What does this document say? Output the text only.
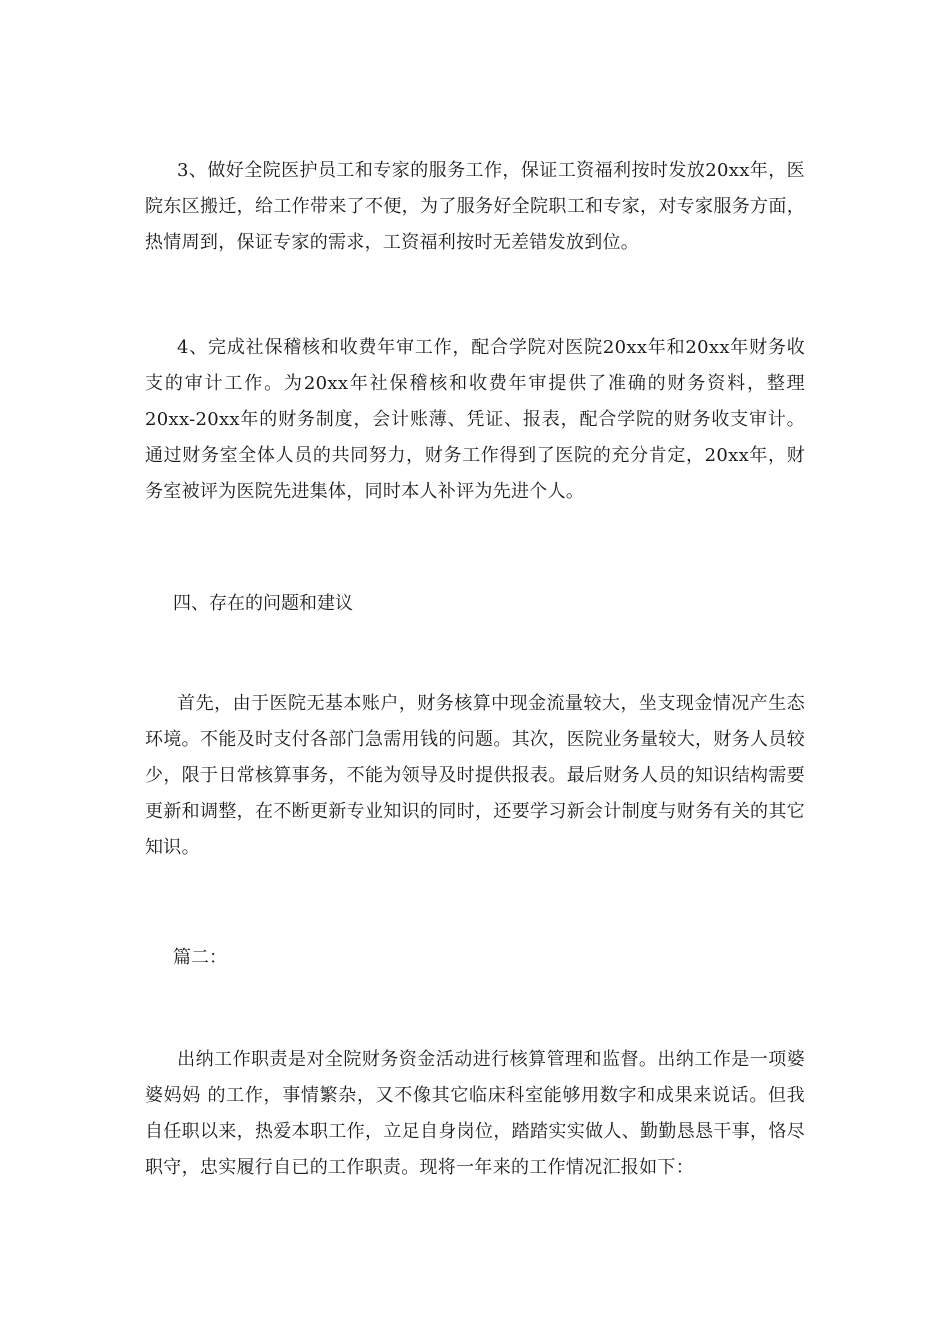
3、做好全院医护员工和专家的服务工作，保证工资福利按时发放20xx年，医院东区搬迁，给工作带来了不便，为了服务好全院职工和专家，对专家服务方面，热情周到，保证专家的需求，工资福利按时无差错发放到位。

4、完成社保稽核和收费年审工作，配合学院对医院20xx年和20xx年财务收支的审计工作。为20xx年社保稽核和收费年审提供了准确的财务资料，整理20xx-20xx年的财务制度，会计账薄、凭证、报表，配合学院的财务收支审计。通过财务室全体人员的共同努力，财务工作得到了医院的充分肯定，20xx年，财务室被评为医院先进集体，同时本人补评为先进个人。

四、存在的问题和建议

首先，由于医院无基本账户，财务核算中现金流量较大，坐支现金情况产生态环境。不能及时支付各部门急需用钱的问题。其次，医院业务量较大，财务人员较少，限于日常核算事务，不能为领导及时提供报表。最后财务人员的知识结构需要更新和调整，在不断更新专业知识的同时，还要学习新会计制度与财务有关的其它知识。

篇二：

出纳工作职责是对全院财务资金活动进行核算管理和监督。出纳工作是一项婆婆妈妈 的工作，事情繁杂，又不像其它临床科室能够用数字和成果来说话。但我自任职以来，热爱本职工作，立足自身岗位，踏踏实实做人、勤勤恳恳干事，恪尽职守，忠实履行自已的工作职责。现将一年来的工作情况汇报如下：
